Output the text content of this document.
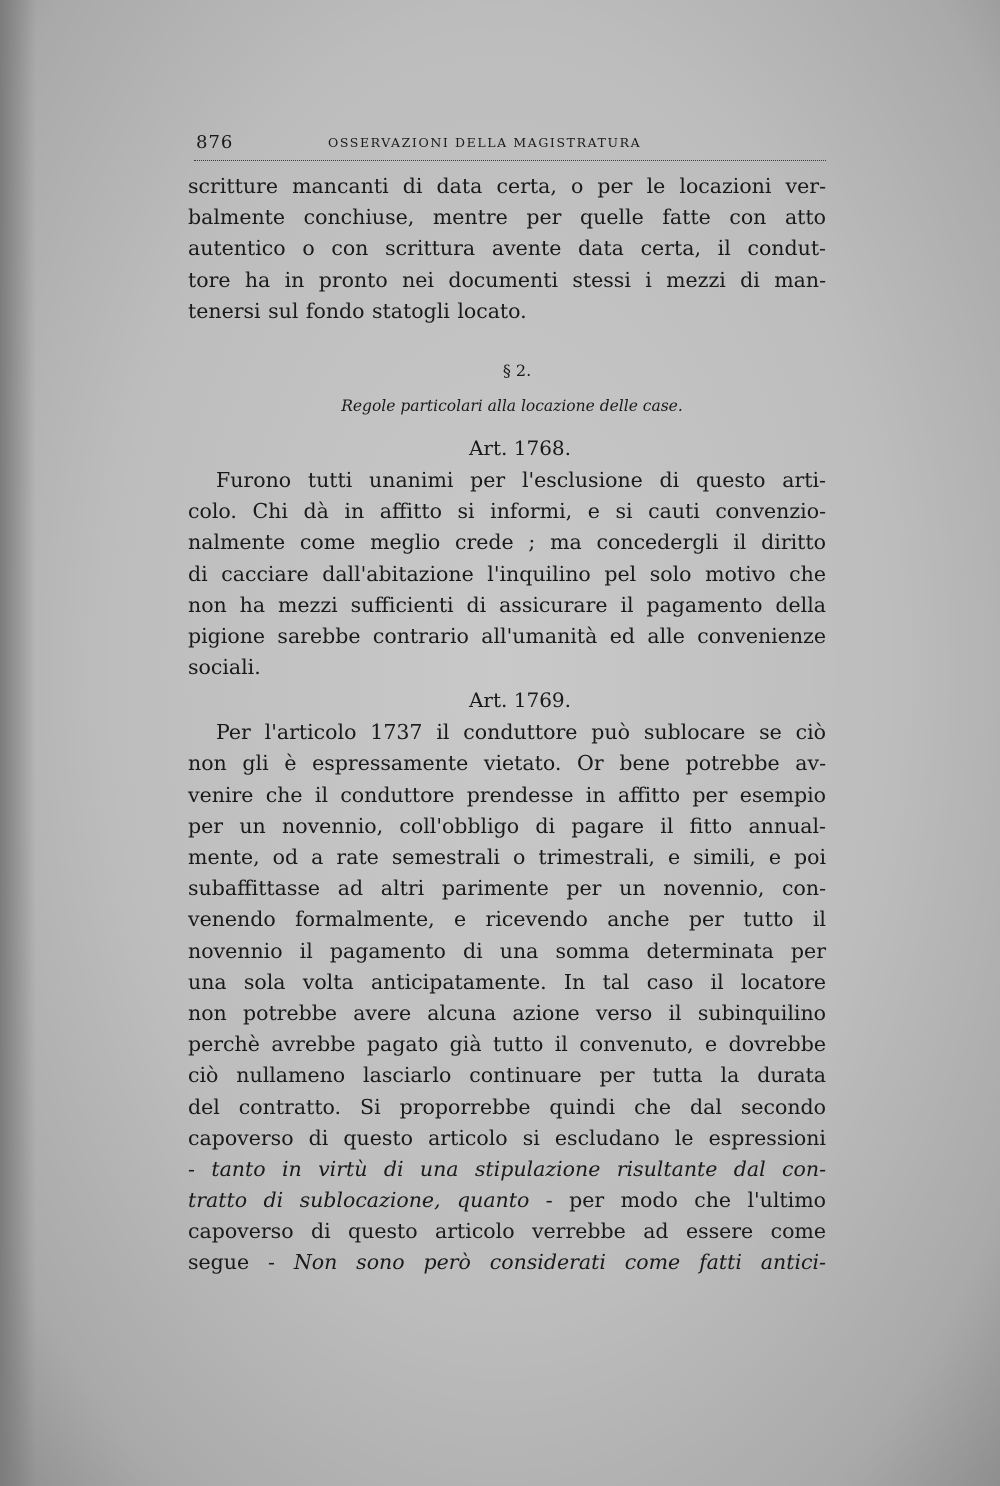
876	OSSERVAZIONI DELLA MAGISTRATURA
scritture mancanti di data certa, o per le locazioni ver-
balmente conchiuse, mentre per quelle fatte con atto
autentico o con scrittura avente data certa, il condut-
tore ha in pronto nei documenti stessi i mezzi di man-
tenersi sul fondo statogli locato.
§ 2.
Regole particolari alla locazione delle case.
Art. 1768.
Furono tutti unanimi per l'esclusione di questo arti-
colo. Chi dà in affitto si informi, e si cauti convenzio-
nalmente come meglio crede ; ma concedergli il diritto
di cacciare dall'abitazione l'inquilino pel solo motivo che
non ha mezzi sufficienti di assicurare il pagamento della
pigione sarebbe contrario all'umanità ed alle convenienze
sociali.
Art. 1769.
Per l'articolo 1737 il conduttore può sublocare se ciò
non gli è espressamente vietato. Or bene potrebbe av-
venire che il conduttore prendesse in affitto per esempio
per un novennio, coll'obbligo di pagare il fitto annual-
mente, od a rate semestrali o trimestrali, e simili, e poi
subaffittasse ad altri parimente per un novennio, con-
venendo formalmente, e ricevendo anche per tutto il
novennio il pagamento di una somma determinata per
una sola volta anticipatamente. In tal caso il locatore
non potrebbe avere alcuna azione verso il subinquilino
perchè avrebbe pagato già tutto il convenuto, e dovrebbe
ciò nullameno lasciarlo continuare per tutta la durata
del contratto. Si proporrebbe quindi che dal secondo
capoverso di questo articolo si escludano le espressioni
- tanto in virtù di una stipulazione risultante dal con-
tratto di sublocazione, quanto - per modo che l'ultimo
capoverso di questo articolo verrebbe ad essere come
segue - Non sono però considerati come fatti antici-
